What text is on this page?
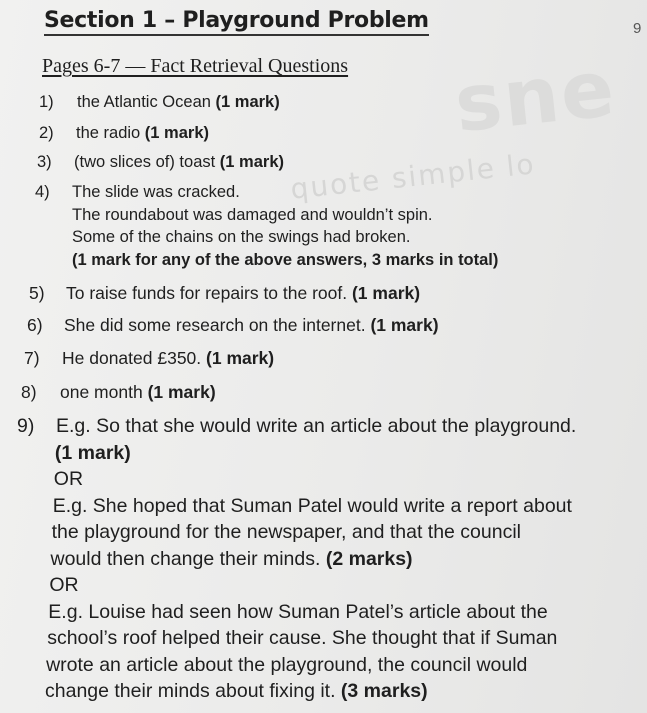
sne
quote simple lo
Section 1 – Playground Problem	9
Pages 6-7 — Fact Retrieval Questions
1) the Atlantic Ocean (1 mark)
2) the radio (1 mark)
3) (two slices of) toast (1 mark)
4) The slide was cracked.
The roundabout was damaged and wouldn’t spin.
Some of the chains on the swings had broken.
(1 mark for any of the above answers, 3 marks in total)
5) To raise funds for repairs to the roof. (1 mark)
6) She did some research on the internet. (1 mark)
7) He donated £350. (1 mark)
8) one month (1 mark)
9) E.g. So that she would write an article about the playground.
(1 mark)
OR
E.g. She hoped that Suman Patel would write a report about
the playground for the newspaper, and that the council
would then change their minds. (2 marks)
OR
E.g. Louise had seen how Suman Patel’s article about the
school’s roof helped their cause. She thought that if Suman
wrote an article about the playground, the council would
change their minds about fixing it. (3 marks)
